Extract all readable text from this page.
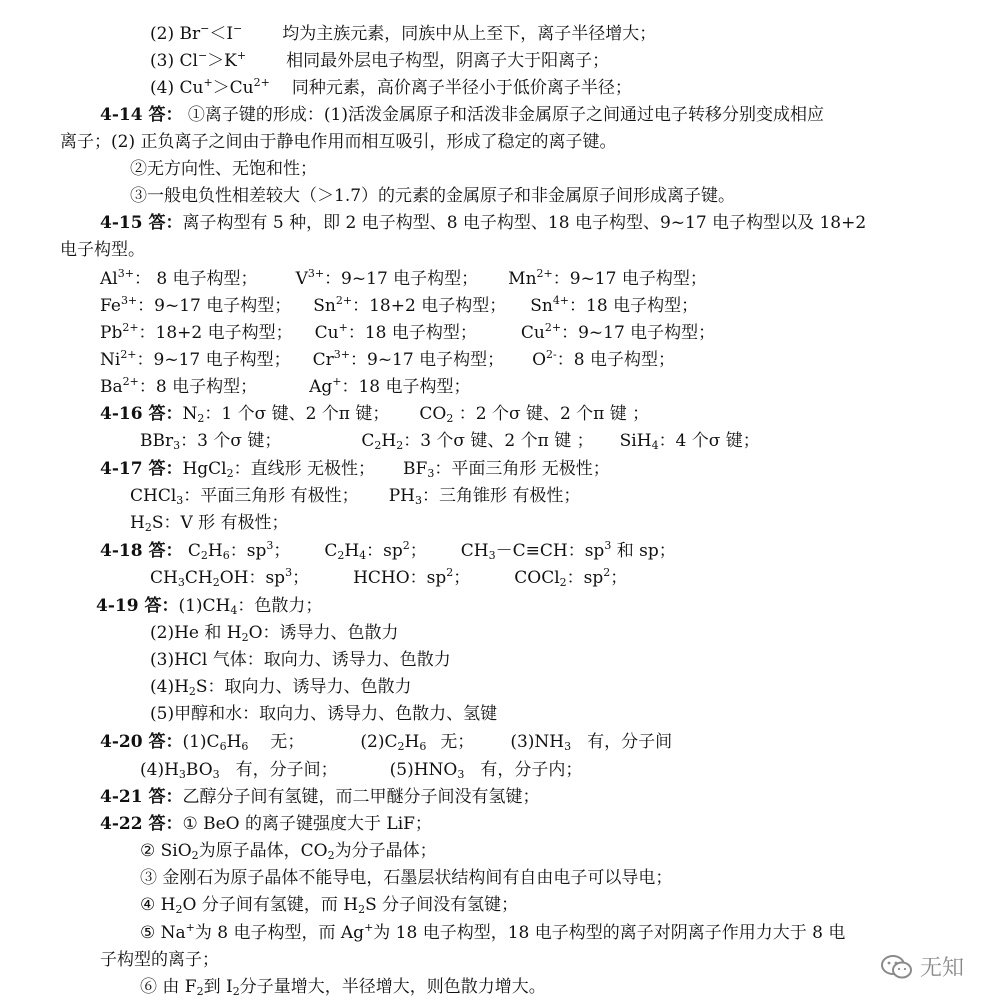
(2) Br−＜I− 均为主族元素，同族中从上至下，离子半径增大；
(3) Cl−＞K+ 相同最外层电子构型，阴离子大于阳离子；
(4) $Cu^+>Cu^{2+}$ 同种元素，高价离子半径小于低价离子半径；
4-14 答： ①离子键的形成：(1)活泼金属原子和活泼非金属原子之间通过电子转移分别变成相应
离子；(2) 正负离子之间由于静电作用而相互吸引，形成了稳定的离子键。
②无方向性、无饱和性；
③一般电负性相差较大（＞1.7）的元素的金属原子和非金属原子间形成离子键。
4-15 答：离子构型有 5 种，即 2 电子构型、8 电子构型、18 电子构型、9~17 电子构型以及 18+2
电子构型。
$Al^{3+}$： 8 电子构型； $V^{3+}$：9~17 电子构型； $Mn^{2+}$：9~17 电子构型；
$Fe^{3+}$：9~17 电子构型； $Sn^{2+}$：18+2 电子构型； $Sn^{4+}$：18 电子构型；
$Pb^{2+}$：18+2 电子构型； Cu+：18 电子构型；	$Cu^{2+}$：9~17 电子构型；
$Ni^{2+}$：9~17 电子构型； $Cr^{3+}$：9~17 电子构型； $O^{2-}$：8 电子构型；
$Ba^{2+}$：8 电子构型；	Ag+：18 电子构型；
4-16 答：$N_2$：1 个σ 键、2 个π 键； $CO_2$ ：2 个σ 键、2 个π 键 ；
BBr$_3$：3 个σ 键；	$C_2H_2$：3 个σ 键、2 个π 键 ； SiH$_4$：4 个σ 键；
4-17 答：HgCl$_2$：直线形 无极性； $BF_3$：平面三角形 无极性；
CHCl$_3$：平面三角形 有极性； $PH_3$：三角锥形 有极性；
$H_2S$：V 形 有极性；
4-18 答： $C_2H_6$：$sp^3$； $C_2H_4$：$sp^2$； $CH_3-C\equiv CH$：$sp^3$ 和 sp；
$CH_3CH_2OH$：$sp^3$；	HCHO：$sp^2$；	COCl$_2$：$sp^2$；
4-19 答：$(1)CH_4$：色散力；
(2)He 和 $H_2O$：诱导力、色散力
(3)HCl 气体：取向力、诱导力、色散力
$(4)H_2S$：取向力、诱导力、色散力
(5)甲醇和水：取向力、诱导力、色散力、氢键
4-20 答：$(1)C_6H_6$ 无；	$(2)C_2H_6$ 无； $(3)NH_3$ 有，分子间
$(4)H_3BO_3$ 有，分子间；	$(5)HNO_3$ 有，分子内；
4-21 答：乙醇分子间有氢键，而二甲醚分子间没有氢键；
4-22 答：① BeO 的离子键强度大于 LiF；
② SiO$_2$为原子晶体，$CO_2$为分子晶体；
③ 金刚石为原子晶体不能导电，石墨层状结构间有自由电子可以导电；
④ $H_2O$ 分子间有氢键，而 $H_2S$ 分子间没有氢键；
⑤ Na+为 8 电子构型，而 Ag+为 18 电子构型，18 电子构型的离子对阴离子作用力大于 8 电
子构型的离子；
⑥ 由 $F_2$到 $I_2$分子量增大，半径增大，则色散力增大。
无知
